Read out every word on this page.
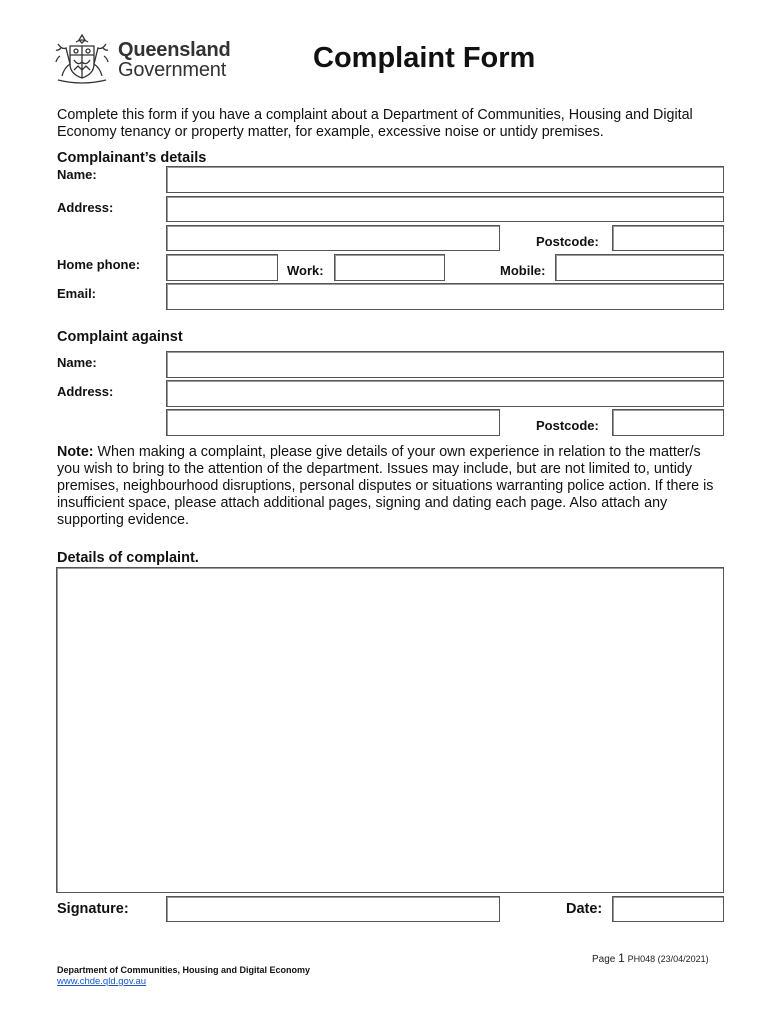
Queensland
Government	Complaint Form
Complete this form if you have a complaint about a Department of Communities, Housing and Digital Economy tenancy or property matter, for example, excessive noise or untidy premises.
Complainant’s details
Name:
Address:
Postcode:
Home phone:	Work:	Mobile:
Email:
Complaint against
Name:
Address:
Postcode:
Note: When making a complaint, please give details of your own experience in relation to the matter/s you wish to bring to the attention of the department. Issues may include, but are not limited to, untidy premises, neighbourhood disruptions, personal disputes or situations warranting police action. If there is insufficient space, please attach additional pages, signing and dating each page. Also attach any supporting evidence.
Details of complaint.
Signature:	Date:
Page 1 PH048 (23/04/2021)
Department of Communities, Housing and Digital Economy
www.chde.qld.gov.au
